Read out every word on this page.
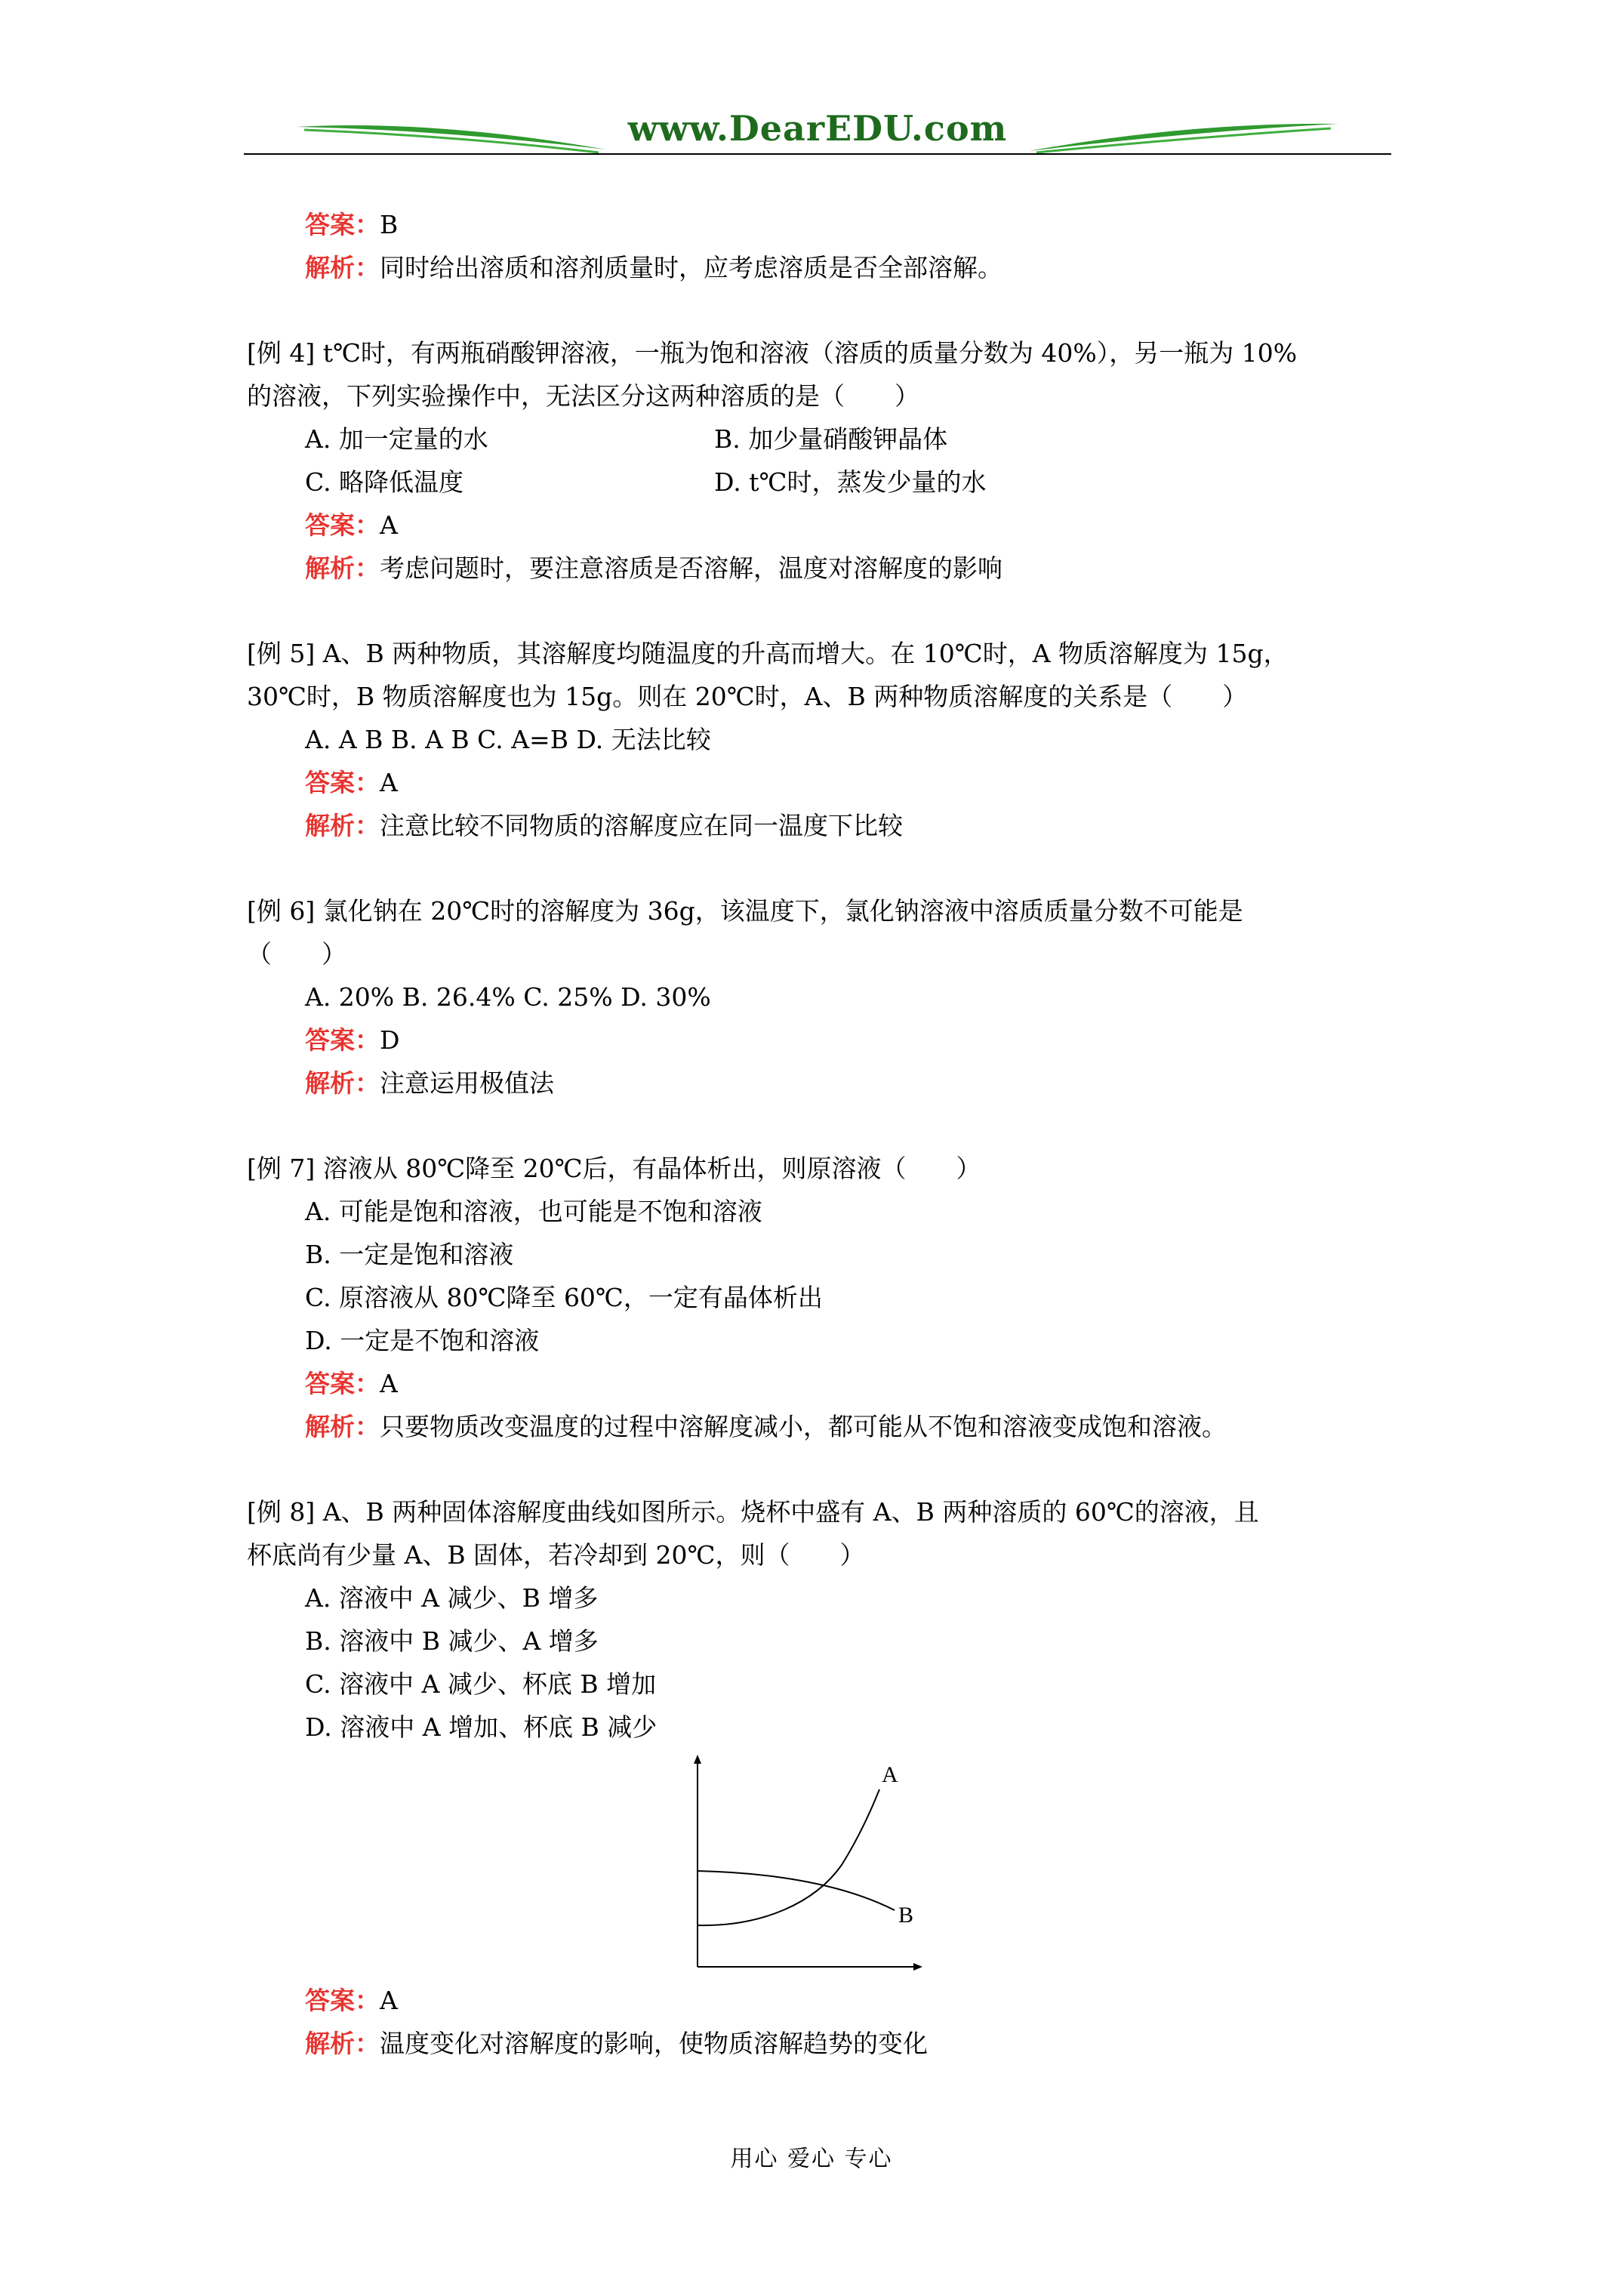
www.DearEDU.com
答案：B
解析：同时给出溶质和溶剂质量时，应考虑溶质是否全部溶解。
[例 4] t℃时，有两瓶硝酸钾溶液，一瓶为饱和溶液（溶质的质量分数为 40%），另一瓶为 10%
的溶液，下列实验操作中，无法区分这两种溶质的是（　　）
A. 加一定量的水	B. 加少量硝酸钾晶体
C. 略降低温度	D. t℃时，蒸发少量的水
答案：A
解析：考虑问题时，要注意溶质是否溶解，温度对溶解度的影响
[例 5] A、B 两种物质，其溶解度均随温度的升高而增大。在 10℃时，A 物质溶解度为 15g，
30℃时，B 物质溶解度也为 15g。则在 20℃时，A、B 两种物质溶解度的关系是（　　）
A. A B B. A B C. A=B D. 无法比较
答案：A
解析：注意比较不同物质的溶解度应在同一温度下比较
[例 6] 氯化钠在 20℃时的溶解度为 36g，该温度下，氯化钠溶液中溶质质量分数不可能是
（　　）
A. 20% B. 26.4% C. 25% D. 30%
答案：D
解析：注意运用极值法
[例 7] 溶液从 80℃降至 20℃后，有晶体析出，则原溶液（　　）
A. 可能是饱和溶液，也可能是不饱和溶液
B. 一定是饱和溶液
C. 原溶液从 80℃降至 60℃，一定有晶体析出
D. 一定是不饱和溶液
答案：A
解析：只要物质改变温度的过程中溶解度减小，都可能从不饱和溶液变成饱和溶液。
[例 8] A、B 两种固体溶解度曲线如图所示。烧杯中盛有 A、B 两种溶质的 60℃的溶液，且
杯底尚有少量 A、B 固体，若冷却到 20℃，则（　　）
A. 溶液中 A 减少、B 增多
B. 溶液中 B 减少、A 增多
C. 溶液中 A 减少、杯底 B 增加
D. 溶液中 A 增加、杯底 B 减少
答案：A
解析：温度变化对溶解度的影响，使物质溶解趋势的变化
A
B
用心 爱心 专心
